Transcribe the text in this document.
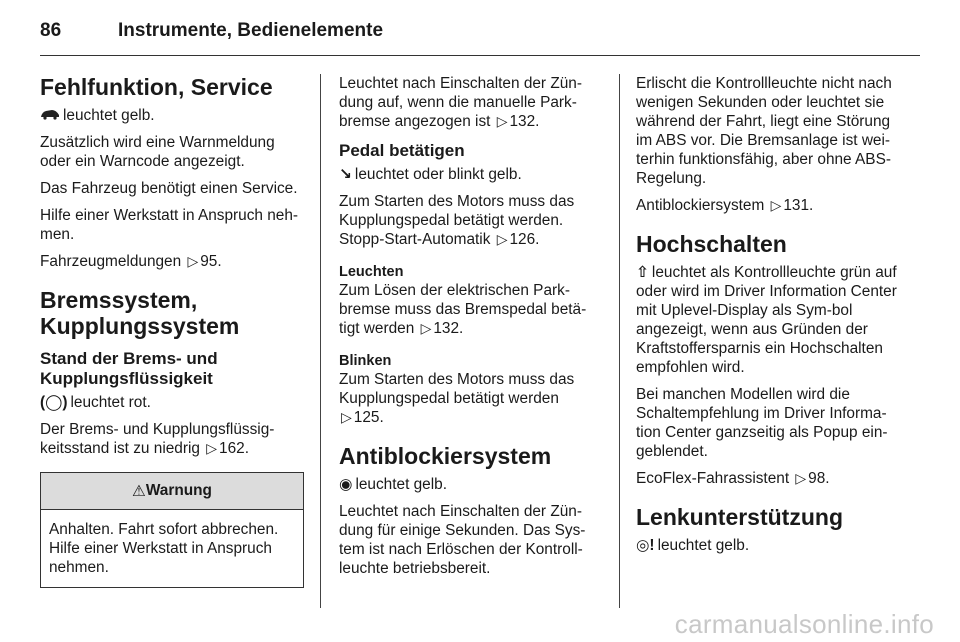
86	Instrumente, Bedienelemente
Fehlfunktion, Service

leuchtet gelb.

Zusätzlich wird eine Warnmeldung oder ein Warncode angezeigt.

Das Fahrzeug benötigt einen Service.

Hilfe einer Werkstatt in Anspruch neh-men.

Fahrzeugmeldungen ▷ 95.

Bremssystem, Kupplungssystem
Stand der Brems- und Kupplungsflüssigkeit

(◯) leuchtet rot.

Der Brems- und Kupplungsflüssig-keitsstand ist zu niedrig ▷ 162.

⚠ Warnung
Anhalten. Fahrt sofort abbrechen. Hilfe einer Werkstatt in Anspruch nehmen.

Leuchtet nach Einschalten der Zün-dung auf, wenn die manuelle Park-bremse angezogen ist ▷ 132.

Pedal betätigen

↘ leuchtet oder blinkt gelb.

Zum Starten des Motors muss das Kupplungspedal betätigt werden.

Stopp-Start-Automatik ▷ 126.

Leuchten

Zum Lösen der elektrischen Park-bremse muss das Bremspedal betä-tigt werden ▷ 132.

Blinken

Zum Starten des Motors muss das Kupplungspedal betätigt werden ▷ 125.

Antiblockiersystem

◉ leuchtet gelb.

Leuchtet nach Einschalten der Zün-dung für einige Sekunden. Das Sys-tem ist nach Erlöschen der Kontroll-leuchte betriebsbereit.

Erlischt die Kontrollleuchte nicht nach wenigen Sekunden oder leuchtet sie während der Fahrt, liegt eine Störung im ABS vor. Die Bremsanlage ist wei-terhin funktionsfähig, aber ohne ABS-Regelung.

Antiblockiersystem ▷ 131.

Hochschalten

⇧ leuchtet als Kontrollleuchte grün auf oder wird im Driver Information Center mit Uplevel-Display als Sym-bol angezeigt, wenn aus Gründen der Kraftstoffersparnis ein Hochschalten empfohlen wird.

Bei manchen Modellen wird die Schaltempfehlung im Driver Informa-tion Center ganzseitig als Popup ein-geblendet.

EcoFlex-Fahrassistent ▷ 98.

Lenkunterstützung

◎! leuchtet gelb.

carmanualsonline.info
